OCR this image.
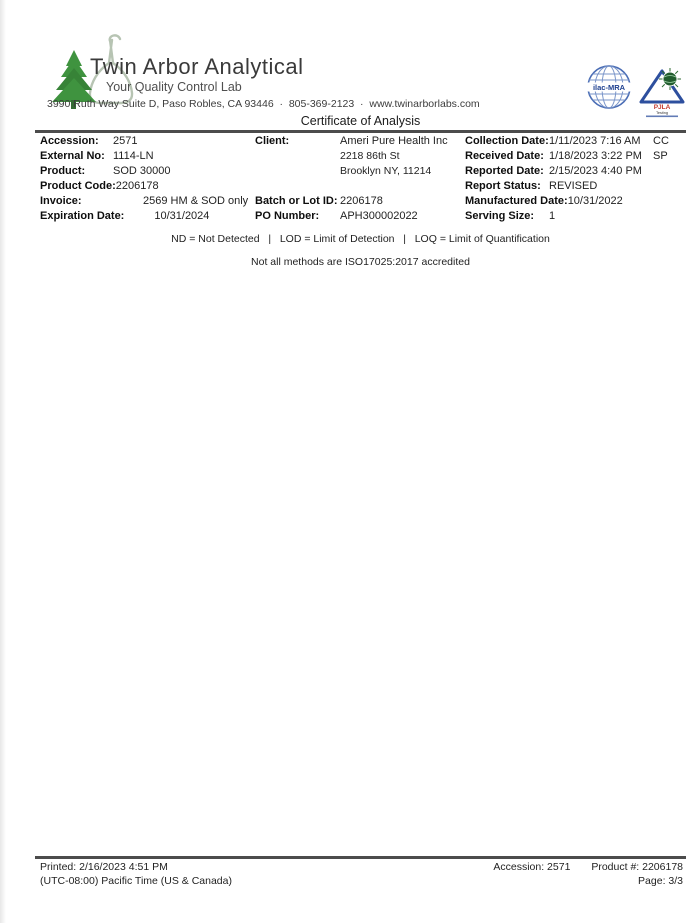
Twin Arbor Analytical
Your Quality Control Lab
3990 Ruth Way Suite D, Paso Robles, CA 93446  ·  805-369-2123  ·  www.twinarborlabs.com
ilac-MRA
PJLA
Testing
Certificate of Analysis
Accession:	2571
External No: 1114-LN
Product:	SOD 30000
Product Code: 2206178
Invoice:	2569 HM & SOD only
Expiration Date:	10/31/2024
Client:	Ameri Pure Health Inc
2218 86th St
Brooklyn NY, 11214
Batch or Lot ID: 2206178
PO Number:	APH300002022
Collection Date: 1/11/2023 7:16 AM	CC
Received Date: 1/18/2023 3:22 PM	SP
Reported Date: 2/15/2023 4:40 PM
Report Status: REVISED
Manufactured Date: 10/31/2022
Serving Size:	1
ND = Not Detected   |   LOD = Limit of Detection   |   LOQ = Limit of Quantification
Not all methods are ISO17025:2017 accredited
Printed: 2/16/2023 4:51 PM
(UTC-08:00) Pacific Time (US & Canada)
Accession: 2571 Product #: 2206178
Page: 3/3
